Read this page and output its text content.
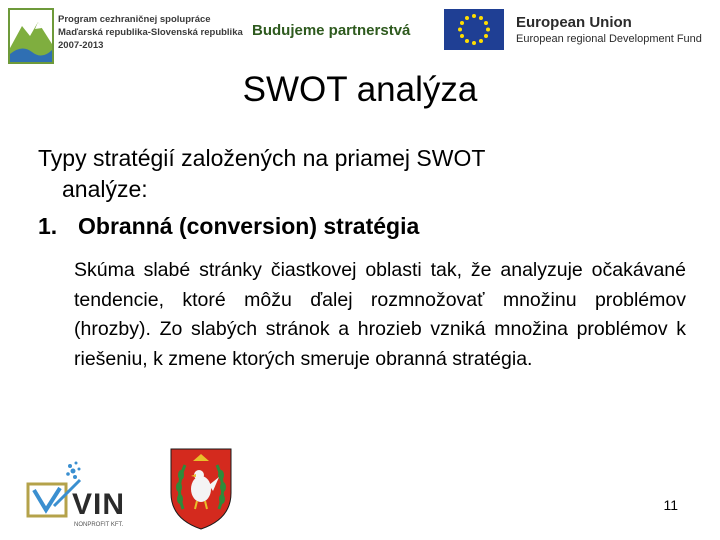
Program cezhraničnej spolupráce
Maďarská republika-Slovenská republika
2007-2013
Budujeme partnerstvá	European Union
European regional Development Fund
SWOT analýza
Typy stratégií založených na priamej SWOT
analýze:
1. Obranná (conversion) stratégia
Skúma slabé stránky čiastkovej oblasti tak, že analyzuje očakávané tendencie, ktoré môžu ďalej rozmnožovať množinu problémov (hrozby). Zo slabých stránok a hrozieb vzniká množina problémov k riešeniu, k zmene ktorých smeruje obranná stratégia.
VIN
NONPROFIT KFT.
11
